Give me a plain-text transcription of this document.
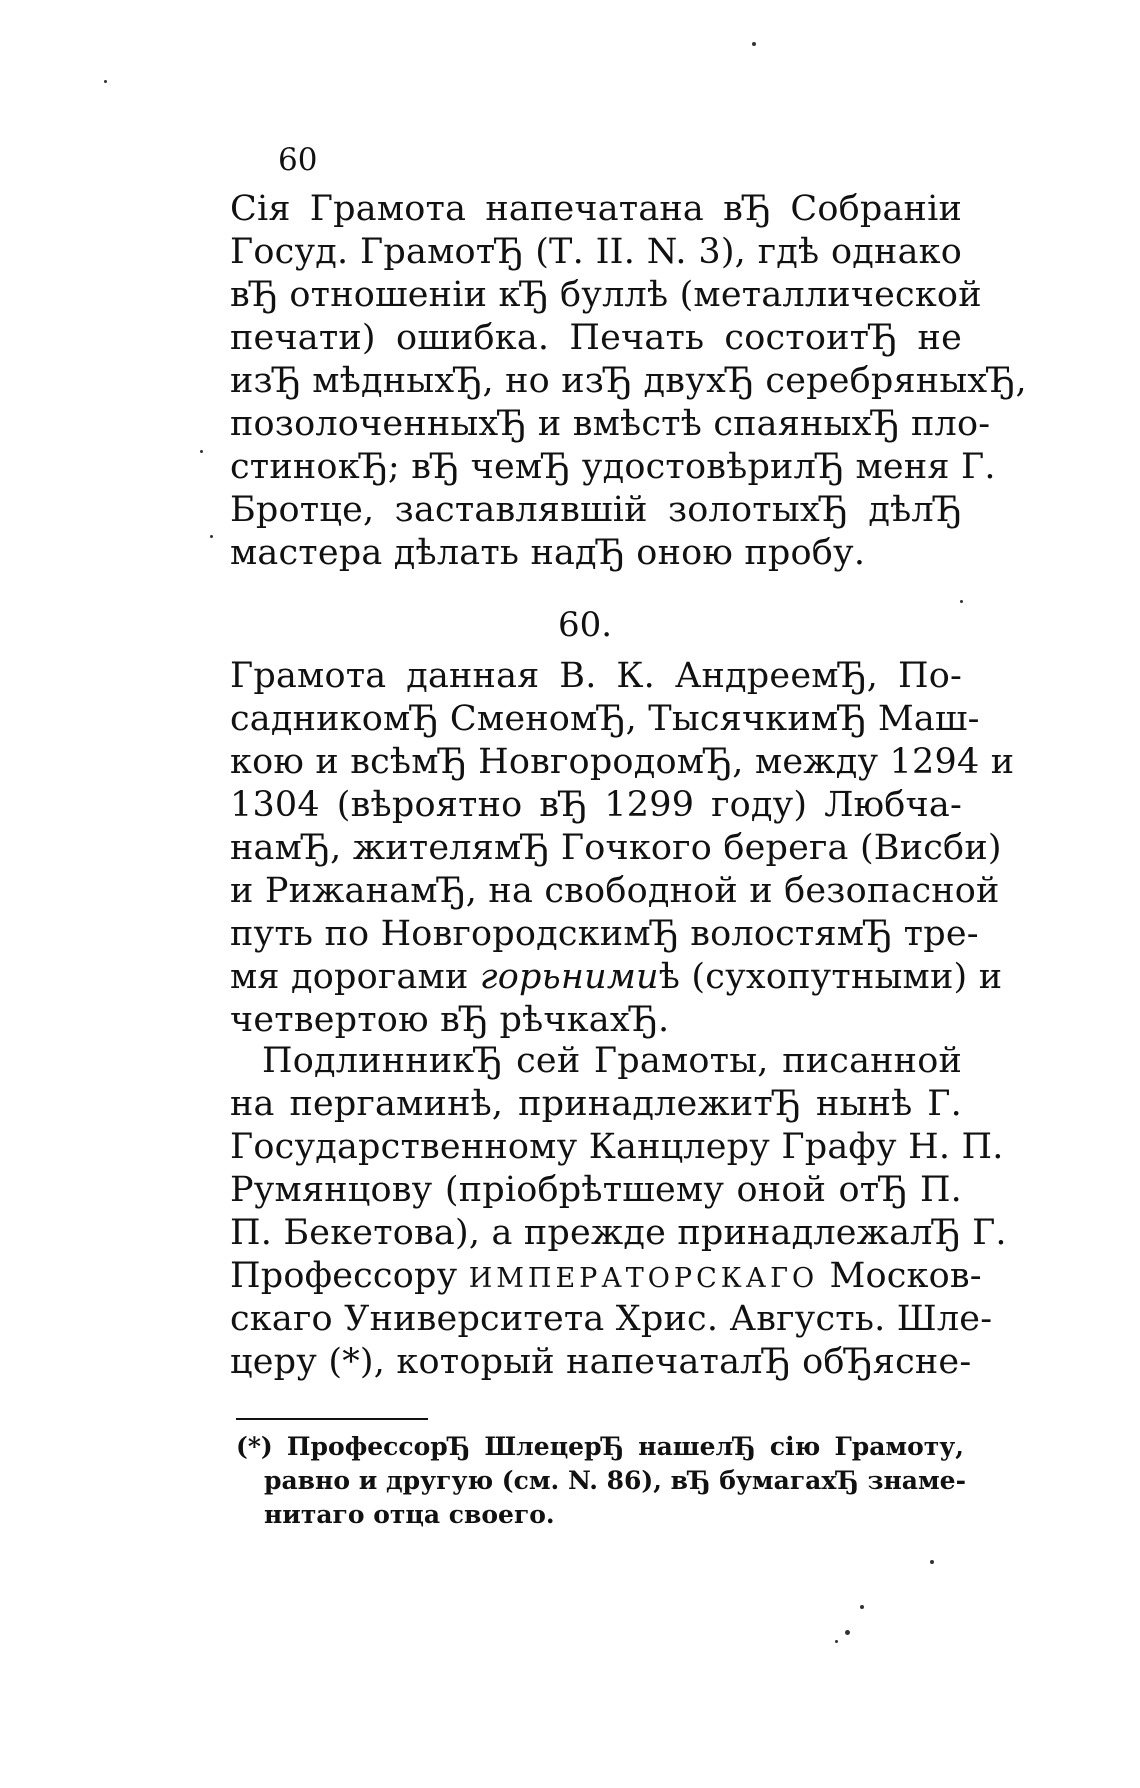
60
Сія Грамота напечатана вЂ Собраніи
Госуд. ГрамотЂ (Т. II. N. 3), гдѣ однако
вЂ отношеніи кЂ буллѣ (металлической
печати) ошибка. Печать состоитЂ не
изЂ мѣдныхЂ, но изЂ двухЂ серебряныхЂ,
позолоченныхЂ и вмѣстѣ спаяныхЂ пло-
стинокЂ; вЂ чемЂ удостовѣрилЂ меня Г.
Бротце, заставлявшій золотыхЂ дѣлЂ
мастера дѣлать надЂ оною пробу.
60.
Грамота данная В. К. АндреемЂ, По-
садникомЂ СменомЂ, ТысячкимЂ Маш-
кою и всѣмЂ НовгородомЂ, между 1294 и
1304 (вѣроятно вЂ 1299 году) Любча-
намЂ, жителямЂ Гочкого берега (Висби)
и РижанамЂ, на свободной и безопасной
путь по НовгородскимЂ волостямЂ тре-
мя дорогами горьнимиѣ (сухопутными) и
четвертою вЂ рѣчкахЂ.
ПодлинникЂ сей Грамоты, писанной
на пергаминѣ, принадлежитЂ нынѣ Г.
Государственному Канцлеру Графу Н. П.
Румянцову (пріобрѣтшему оной отЂ П.
П. Бекетова), а прежде принадлежалЂ Г.
Профессору ИМПЕРАТОРСКАГО Москов-
скаго Университета Хрис. Августь. Шле-
церу (*), который напечаталЂ обЂясне-
(*) ПрофессорЂ ШлецерЂ нашелЂ сію Грамоту,
равно и другую (см. N. 86), вЂ бумагахЂ знаме-
нитаго отца своего.
